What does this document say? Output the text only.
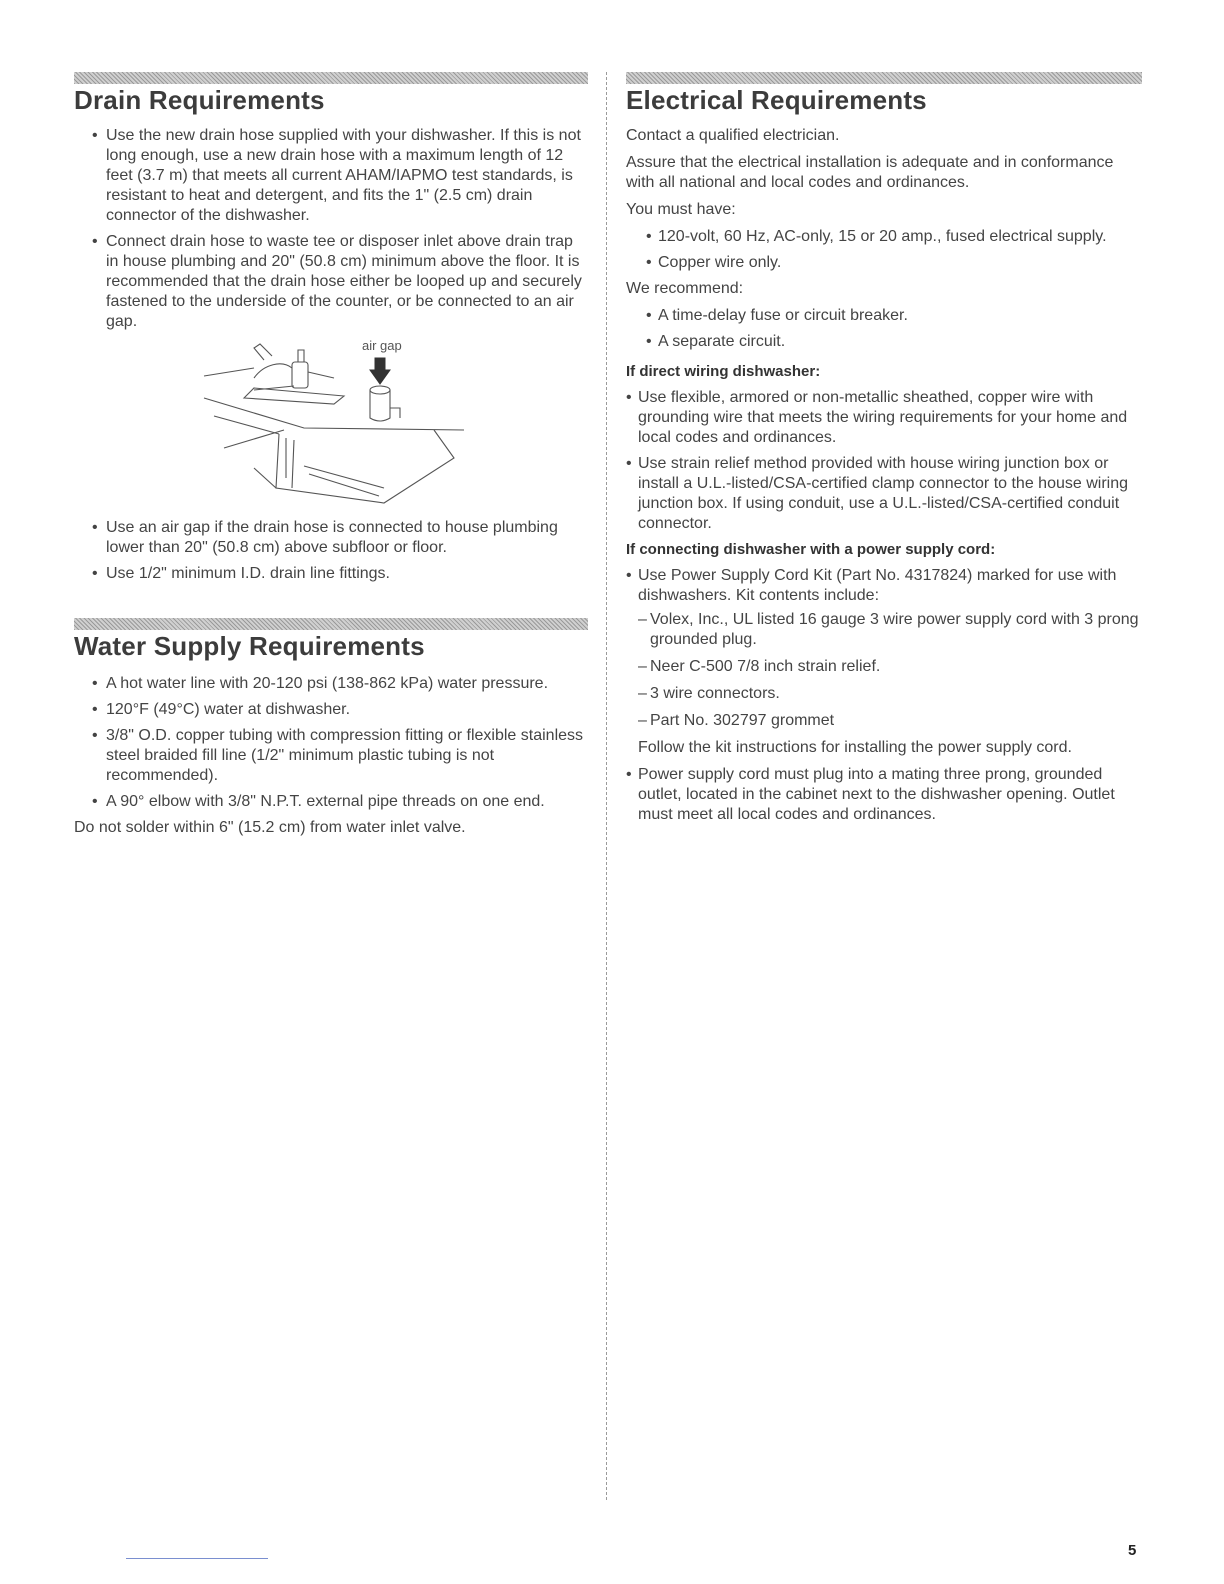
Drain Requirements
• Use the new drain hose supplied with your dishwasher. If this is not long enough, use a new drain hose with a maximum length of 12 feet (3.7 m) that meets all current AHAM/IAPMO test standards, is resistant to heat and detergent, and fits the 1" (2.5 cm) drain connector of the dishwasher.
• Connect drain hose to waste tee or disposer inlet above drain trap in house plumbing and 20" (50.8 cm) minimum above the floor. It is recommended that the drain hose either be looped up and securely fastened to the underside of the counter, or be connected to an air gap.
air gap
• Use an air gap if the drain hose is connected to house plumbing lower than 20" (50.8 cm) above subfloor or floor.
• Use 1/2" minimum I.D. drain line fittings.
Water Supply Requirements
• A hot water line with 20-120 psi (138-862 kPa) water pressure.
• 120°F (49°C) water at dishwasher.
• 3/8" O.D. copper tubing with compression fitting or flexible stainless steel braided fill line (1/2" minimum plastic tubing is not recommended).
• A 90° elbow with 3/8" N.P.T. external pipe threads on one end.

Do not solder within 6" (15.2 cm) from water inlet valve.

Electrical Requirements

Contact a qualified electrician.

Assure that the electrical installation is adequate and in conformance with all national and local codes and ordinances.

You must have:

• 120-volt, 60 Hz, AC-only, 15 or 20 amp., fused electrical supply.
• Copper wire only.

We recommend:

• A time-delay fuse or circuit breaker.
• A separate circuit.

If direct wiring dishwasher:

• Use flexible, armored or non-metallic sheathed, copper wire with grounding wire that meets the wiring requirements for your home and local codes and ordinances.
• Use strain relief method provided with house wiring junction box or install a U.L.-listed/CSA-certified clamp connector to the house wiring junction box. If using conduit, use a U.L.-listed/CSA-certified conduit connector.

If connecting dishwasher with a power supply cord:

• Use Power Supply Cord Kit (Part No. 4317824) marked for use with dishwashers. Kit contents include:
– Volex, Inc., UL listed 16 gauge 3 wire power supply cord with 3 prong grounded plug.
– Neer C-500 7/8 inch strain relief.
– 3 wire connectors.
– Part No. 302797 grommet

Follow the kit instructions for installing the power supply cord.

• Power supply cord must plug into a mating three prong, grounded outlet, located in the cabinet next to the dishwasher opening. Outlet must meet all local codes and ordinances.
5
